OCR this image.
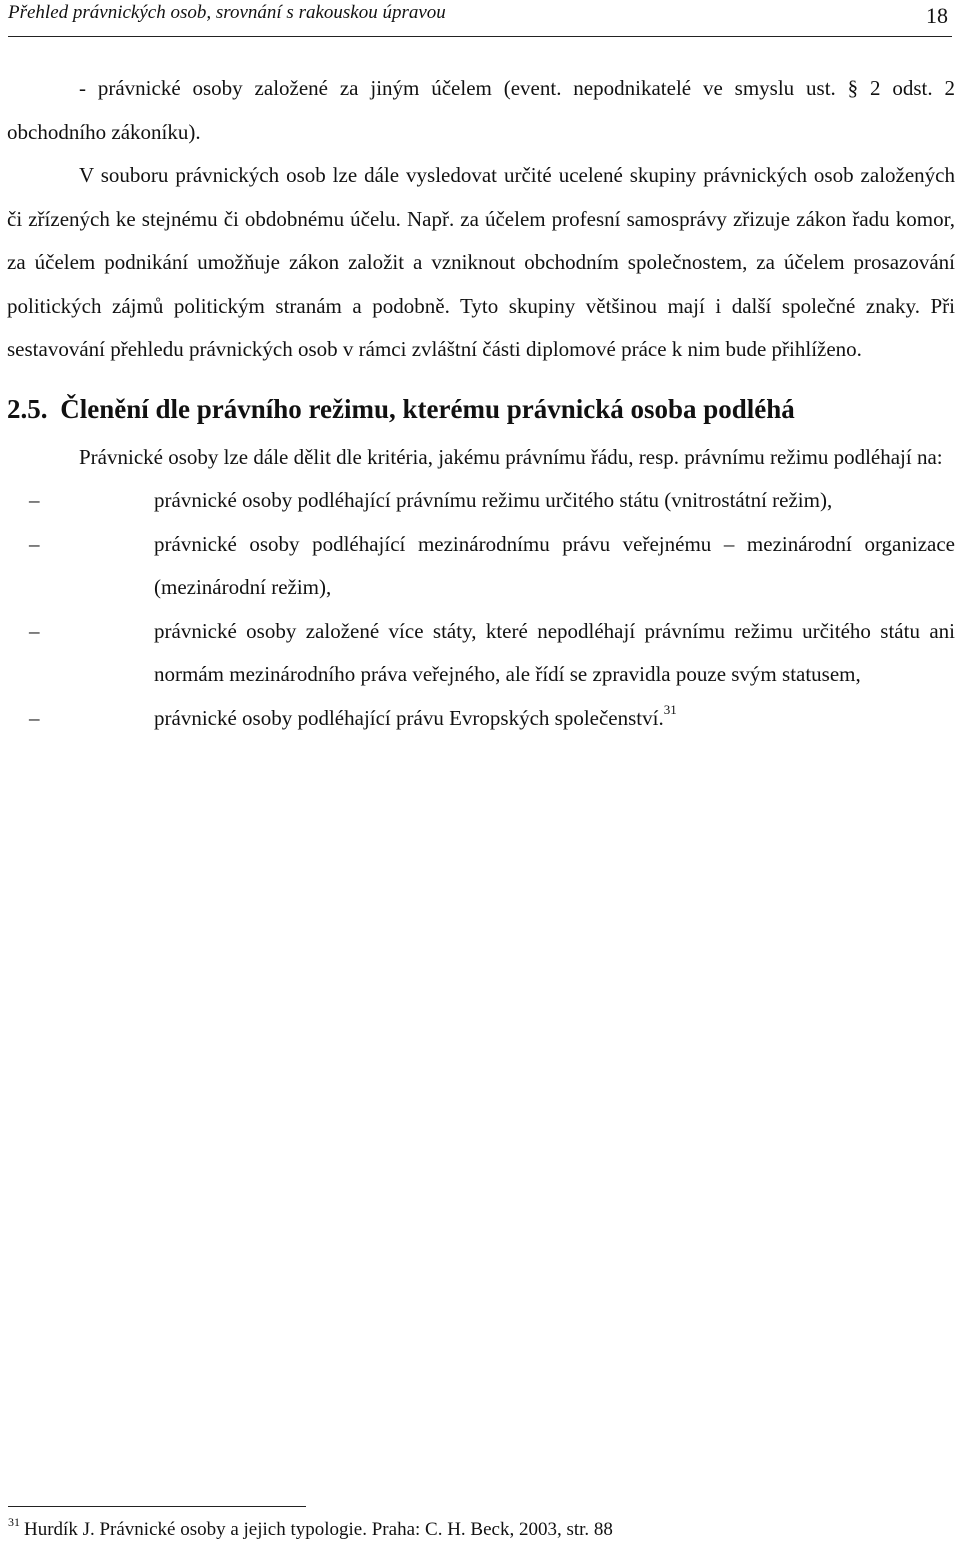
Přehled právnických osob, srovnání s rakouskou úpravou	18

- právnické osoby založené za jiným účelem (event. nepodnikatelé ve smyslu ust. § 2 odst. 2 obchodního zákoníku).

V souboru právnických osob lze dále vysledovat určité ucelené skupiny právnických osob založených či zřízených ke stejnému či obdobnému účelu. Např. za účelem profesní samosprávy zřizuje zákon řadu komor, za účelem podnikání umožňuje zákon založit a vzniknout obchodním společnostem, za účelem prosazování politických zájmů politickým stranám a podobně. Tyto skupiny většinou mají i další společné znaky. Při sestavování přehledu právnických osob v rámci zvláštní části diplomové práce k nim bude přihlíženo.

2.5. Členění dle právního režimu, kterému právnická osoba podléhá

Právnické osoby lze dále dělit dle kritéria, jakému právnímu řádu, resp. právnímu režimu podléhají na:

–	právnické osoby podléhající právnímu režimu určitého státu (vnitrostátní režim),
–	právnické osoby podléhající mezinárodnímu právu veřejnému – mezinárodní organizace (mezinárodní režim),
–	právnické osoby založené více státy, které nepodléhají právnímu režimu určitého státu ani normám mezinárodního práva veřejného, ale řídí se zpravidla pouze svým statusem,
–	právnické osoby podléhající právu Evropských společenství.$^{31}$
$^{31}$ Hurdík J. Právnické osoby a jejich typologie. Praha: C. H. Beck, 2003, str. 88
